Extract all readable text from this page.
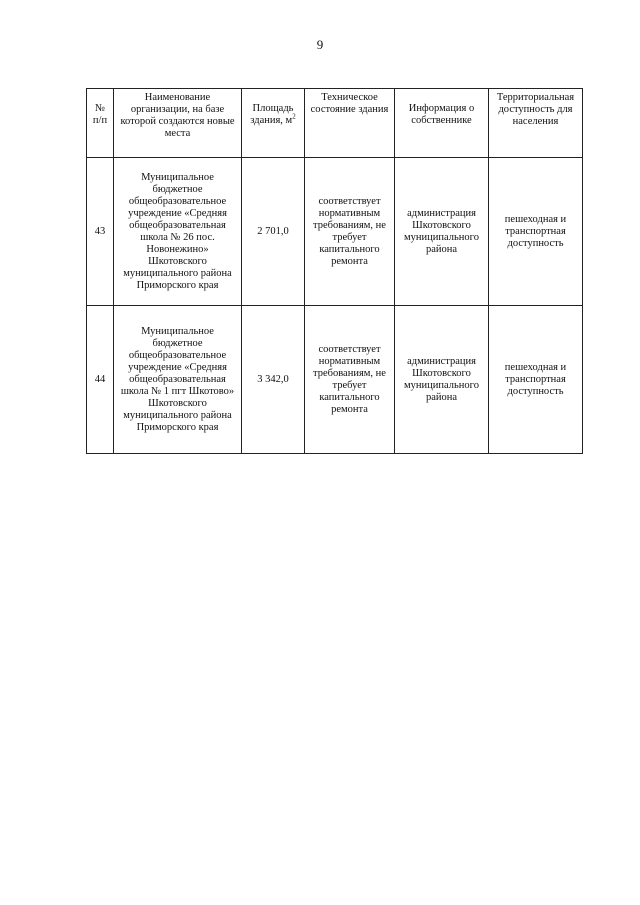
9
№ п/п	Наименование организации, на базе которой создаются новые места	Площадь здания, $м^2$	Техническое состояние здания	Информация о собственнике	Территориальная доступность для населения
43	Муниципальное бюджетное общеобразовательное учреждение «Средняя общеобразовательная школа № 26 пос. Новонежино» Шкотовского муниципального района Приморского края	2 701,0	соответствует нормативным требованиям, не требует капитального ремонта	администрация Шкотовского муниципального района	пешеходная и транспортная доступность
44	Муниципальное бюджетное общеобразовательное учреждение «Средняя общеобразовательная школа № 1 пгт Шкотово» Шкотовского муниципального района Приморского края	3 342,0	соответствует нормативным требованиям, не требует капитального ремонта	администрация Шкотовского муниципального района	пешеходная и транспортная доступность
